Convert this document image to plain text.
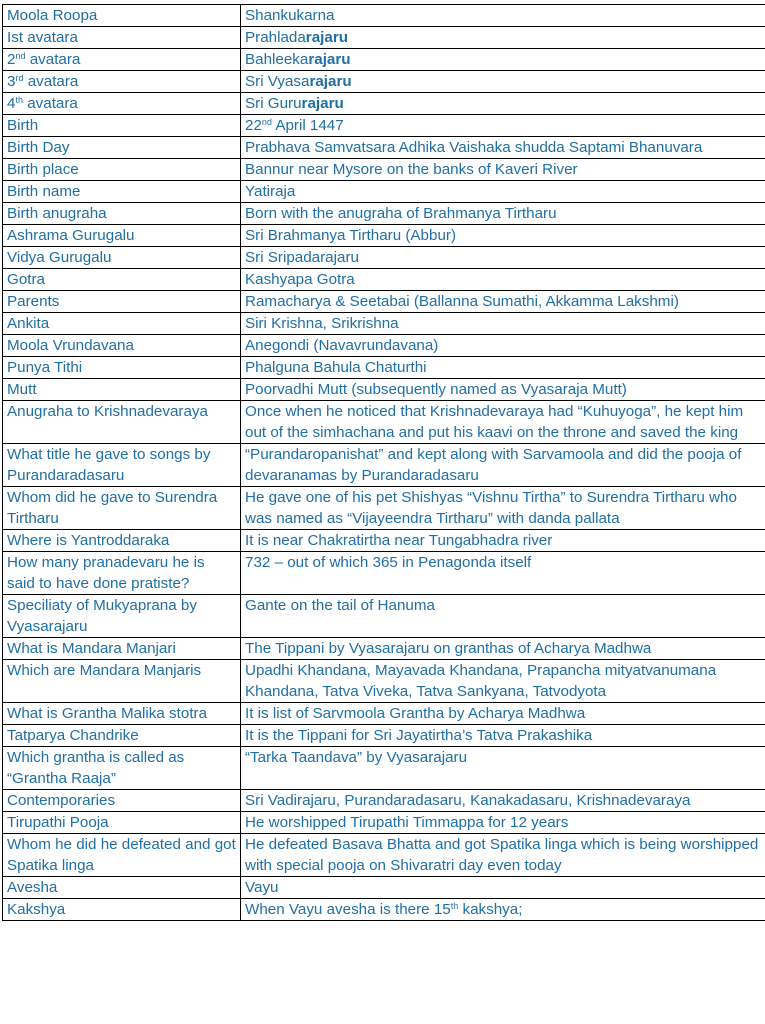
Moola Roopa	Shankukarna
Ist avatara	Prahladarajaru
2nd avatara	Bahleekarajaru
3rd avatara	Sri Vyasarajaru
4th avatara	Sri Gururajaru
Birth	22nd April 1447
Birth Day	Prabhava Samvatsara Adhika Vaishaka shudda Saptami Bhanuvara
Birth place	Bannur near Mysore on the banks of Kaveri River
Birth name	Yatiraja
Birth anugraha	Born with the anugraha of Brahmanya Tirtharu
Ashrama Gurugalu	Sri Brahmanya Tirtharu (Abbur)
Vidya Gurugalu	Sri Sripadarajaru
Gotra	Kashyapa Gotra
Parents	Ramacharya & Seetabai (Ballanna Sumathi, Akkamma Lakshmi)
Ankita	Siri Krishna, Srikrishna
Moola Vrundavana	Anegondi (Navavrundavana)
Punya Tithi	Phalguna Bahula Chaturthi
Mutt	Poorvadhi Mutt (subsequently named as Vyasaraja Mutt)
Anugraha to Krishnadevaraya	Once when he noticed that Krishnadevaraya had “Kuhuyoga”, he kept him out of the simhachana and put his kaavi on the throne and saved the king
What title he gave to songs by Purandaradasaru	“Purandaropanishat” and kept along with Sarvamoola and did the pooja of devaranamas by Purandaradasaru
Whom did he gave to Surendra Tirtharu	He gave one of his pet Shishyas “Vishnu Tirtha” to Surendra Tirtharu who was named as “Vijayeendra Tirtharu” with danda pallata
Where is Yantroddaraka	It is near Chakratirtha near Tungabhadra river
How many pranadevaru he is said to have done pratiste?	732 – out of which 365 in Penagonda itself
Speciliaty of Mukyaprana by Vyasarajaru	Gante on the tail of Hanuma
What is Mandara Manjari	The Tippani by Vyasarajaru on granthas of Acharya Madhwa
Which are Mandara Manjaris	Upadhi Khandana, Mayavada Khandana, Prapancha mityatvanumana Khandana, Tatva Viveka, Tatva Sankyana, Tatvodyota
What is Grantha Malika stotra	It is list of Sarvmoola Grantha by Acharya Madhwa
Tatparya Chandrike	It is the Tippani for Sri Jayatirtha’s Tatva Prakashika
Which grantha is called as “Grantha Raaja”	“Tarka Taandava” by Vyasarajaru
Contemporaries	Sri Vadirajaru, Purandaradasaru, Kanakadasaru, Krishnadevaraya
Tirupathi Pooja	He worshipped Tirupathi Timmappa for 12 years
Whom he did he defeated and got Spatika linga	He defeated Basava Bhatta and got Spatika linga which is being worshipped with special pooja on Shivaratri day even today
Avesha	Vayu
Kakshya	When Vayu avesha is there 15th kakshya;
